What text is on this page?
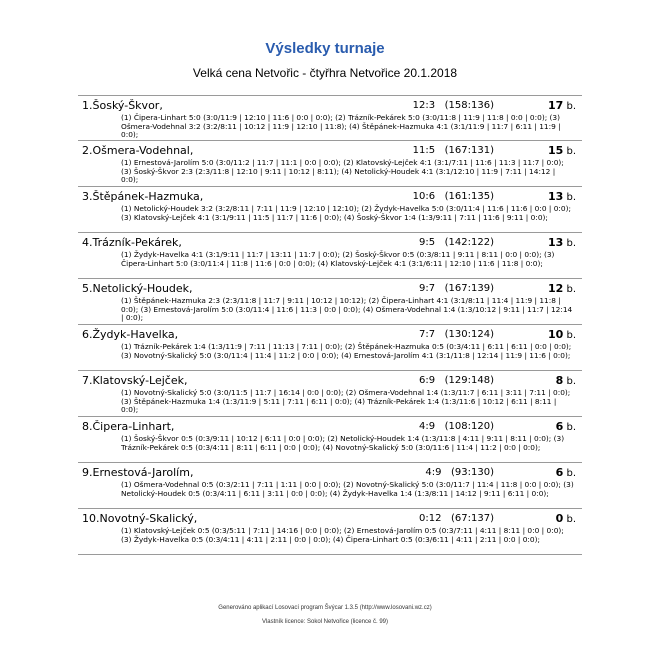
Výsledky turnaje
Velká cena Netvořic - čtyřhra Netvořice 20.1.2018
1.Šoský-Škvor,	12:3 (158:136)	17 b.
(1) Čipera-Linhart 5:0 (3:0/11:9 | 12:10 | 11:6 | 0:0 | 0:0); (2) Trázník-Pekárek 5:0 (3:0/11:8 | 11:9 | 11:8 | 0:0 | 0:0); (3) Ošmera-Vodehnal 3:2 (3:2/8:11 | 10:12 | 11:9 | 12:10 | 11:8); (4) Štěpánek-Hazmuka 4:1 (3:1/11:9 | 11:7 | 6:11 | 11:9 | 0:0);
2.Ošmera-Vodehnal,	11:5 (167:131)	15 b.
(1) Ernestová-Jarolím 5:0 (3:0/11:2 | 11:7 | 11:1 | 0:0 | 0:0); (2) Klatovský-Lejček 4:1 (3:1/7:11 | 11:6 | 11:3 | 11:7 | 0:0); (3) Šoský-Škvor 2:3 (2:3/11:8 | 12:10 | 9:11 | 10:12 | 8:11); (4) Netolický-Houdek 4:1 (3:1/12:10 | 11:9 | 7:11 | 14:12 | 0:0);
3.Štěpánek-Hazmuka,	10:6 (161:135)	13 b.
(1) Netolický-Houdek 3:2 (3:2/8:11 | 7:11 | 11:9 | 12:10 | 12:10); (2) Žydyk-Havelka 5:0 (3:0/11:4 | 11:6 | 11:6 | 0:0 | 0:0); (3) Klatovský-Lejček 4:1 (3:1/9:11 | 11:5 | 11:7 | 11:6 | 0:0); (4) Šoský-Škvor 1:4 (1:3/9:11 | 7:11 | 11:6 | 9:11 | 0:0);
4.Trázník-Pekárek,	9:5 (142:122)	13 b.
(1) Žydyk-Havelka 4:1 (3:1/9:11 | 11:7 | 13:11 | 11:7 | 0:0); (2) Šoský-Škvor 0:5 (0:3/8:11 | 9:11 | 8:11 | 0:0 | 0:0); (3) Čipera-Linhart 5:0 (3:0/11:4 | 11:8 | 11:6 | 0:0 | 0:0); (4) Klatovský-Lejček 4:1 (3:1/6:11 | 12:10 | 11:6 | 11:8 | 0:0);
5.Netolický-Houdek,	9:7 (167:139)	12 b.
(1) Štěpánek-Hazmuka 2:3 (2:3/11:8 | 11:7 | 9:11 | 10:12 | 10:12); (2) Čipera-Linhart 4:1 (3:1/8:11 | 11:4 | 11:9 | 11:8 | 0:0); (3) Ernestová-Jarolím 5:0 (3:0/11:4 | 11:6 | 11:3 | 0:0 | 0:0); (4) Ošmera-Vodehnal 1:4 (1:3/10:12 | 9:11 | 11:7 | 12:14 | 0:0);
6.Žydyk-Havelka,	7:7 (130:124)	10 b.
(1) Trázník-Pekárek 1:4 (1:3/11:9 | 7:11 | 11:13 | 7:11 | 0:0); (2) Štěpánek-Hazmuka 0:5 (0:3/4:11 | 6:11 | 6:11 | 0:0 | 0:0); (3) Novotný-Skalický 5:0 (3:0/11:4 | 11:4 | 11:2 | 0:0 | 0:0); (4) Ernestová-Jarolím 4:1 (3:1/11:8 | 12:14 | 11:9 | 11:6 | 0:0);
7.Klatovský-Lejček,	6:9 (129:148)	8 b.
(1) Novotný-Skalický 5:0 (3:0/11:5 | 11:7 | 16:14 | 0:0 | 0:0); (2) Ošmera-Vodehnal 1:4 (1:3/11:7 | 6:11 | 3:11 | 7:11 | 0:0); (3) Štěpánek-Hazmuka 1:4 (1:3/11:9 | 5:11 | 7:11 | 6:11 | 0:0); (4) Trázník-Pekárek 1:4 (1:3/11:6 | 10:12 | 6:11 | 8:11 | 0:0);
8.Čipera-Linhart,	4:9 (108:120)	6 b.
(1) Šoský-Škvor 0:5 (0:3/9:11 | 10:12 | 6:11 | 0:0 | 0:0); (2) Netolický-Houdek 1:4 (1:3/11:8 | 4:11 | 9:11 | 8:11 | 0:0); (3) Trázník-Pekárek 0:5 (0:3/4:11 | 8:11 | 6:11 | 0:0 | 0:0); (4) Novotný-Skalický 5:0 (3:0/11:6 | 11:4 | 11:2 | 0:0 | 0:0);
9.Ernestová-Jarolím,	4:9 (93:130)	6 b.
(1) Ošmera-Vodehnal 0:5 (0:3/2:11 | 7:11 | 1:11 | 0:0 | 0:0); (2) Novotný-Skalický 5:0 (3:0/11:7 | 11:4 | 11:8 | 0:0 | 0:0); (3) Netolický-Houdek 0:5 (0:3/4:11 | 6:11 | 3:11 | 0:0 | 0:0); (4) Žydyk-Havelka 1:4 (1:3/8:11 | 14:12 | 9:11 | 6:11 | 0:0);
10.Novotný-Skalický,	0:12 (67:137)	0 b.
(1) Klatovský-Lejček 0:5 (0:3/5:11 | 7:11 | 14:16 | 0:0 | 0:0); (2) Ernestová-Jarolím 0:5 (0:3/7:11 | 4:11 | 8:11 | 0:0 | 0:0); (3) Žydyk-Havelka 0:5 (0:3/4:11 | 4:11 | 2:11 | 0:0 | 0:0); (4) Čipera-Linhart 0:5 (0:3/6:11 | 4:11 | 2:11 | 0:0 | 0:0);
Generováno aplikací Losovací program Švýcar 1.3.5 (http://www.losovani.wz.cz)
Vlastník licence: Sokol Netvořice (licence č. 99)
